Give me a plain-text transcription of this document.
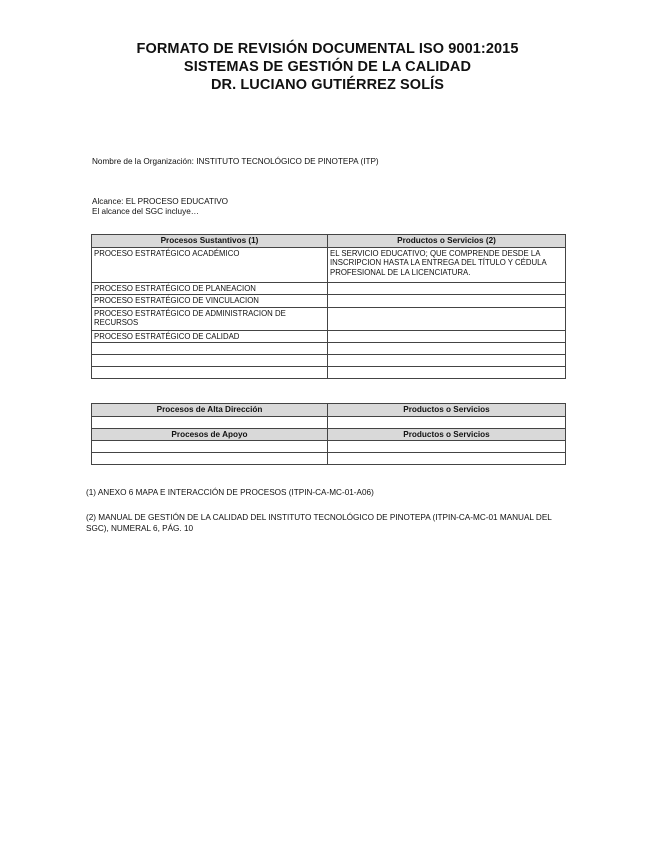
FORMATO DE REVISIÓN DOCUMENTAL ISO 9001:2015
SISTEMAS DE GESTIÓN DE LA CALIDAD
DR. LUCIANO GUTIÉRREZ SOLÍS
Nombre de la Organización: INSTITUTO TECNOLÓGICO DE PINOTEPA (ITP)
Alcance: EL PROCESO EDUCATIVO
El alcance del SGC incluye…
Procesos Sustantivos (1)	Productos o Servicios (2)
PROCESO ESTRATÉGICO ACADÉMICO	EL SERVICIO EDUCATIVO; QUE COMPRENDE DESDE LA INSCRIPCION HASTA LA ENTREGA DEL TÍTULO Y CÉDULA PROFESIONAL DE LA LICENCIATURA.
PROCESO ESTRATÉGICO DE PLANEACION	
PROCESO ESTRATÉGICO DE VINCULACION	
PROCESO ESTRATÉGICO DE ADMINISTRACION DE RECURSOS	
PROCESO ESTRATÉGICO DE CALIDAD	

Procesos de Alta Dirección	Productos o Servicios

Procesos de Apoyo	Productos o Servicios

(1) ANEXO 6 MAPA E INTERACCIÓN DE PROCESOS (ITPIN-CA-MC-01-A06)
(2) MANUAL DE GESTIÓN DE LA CALIDAD DEL INSTITUTO TECNOLÓGICO DE PINOTEPA (ITPIN-CA-MC-01 MANUAL DEL SGC), NUMERAL 6, PÁG. 10
